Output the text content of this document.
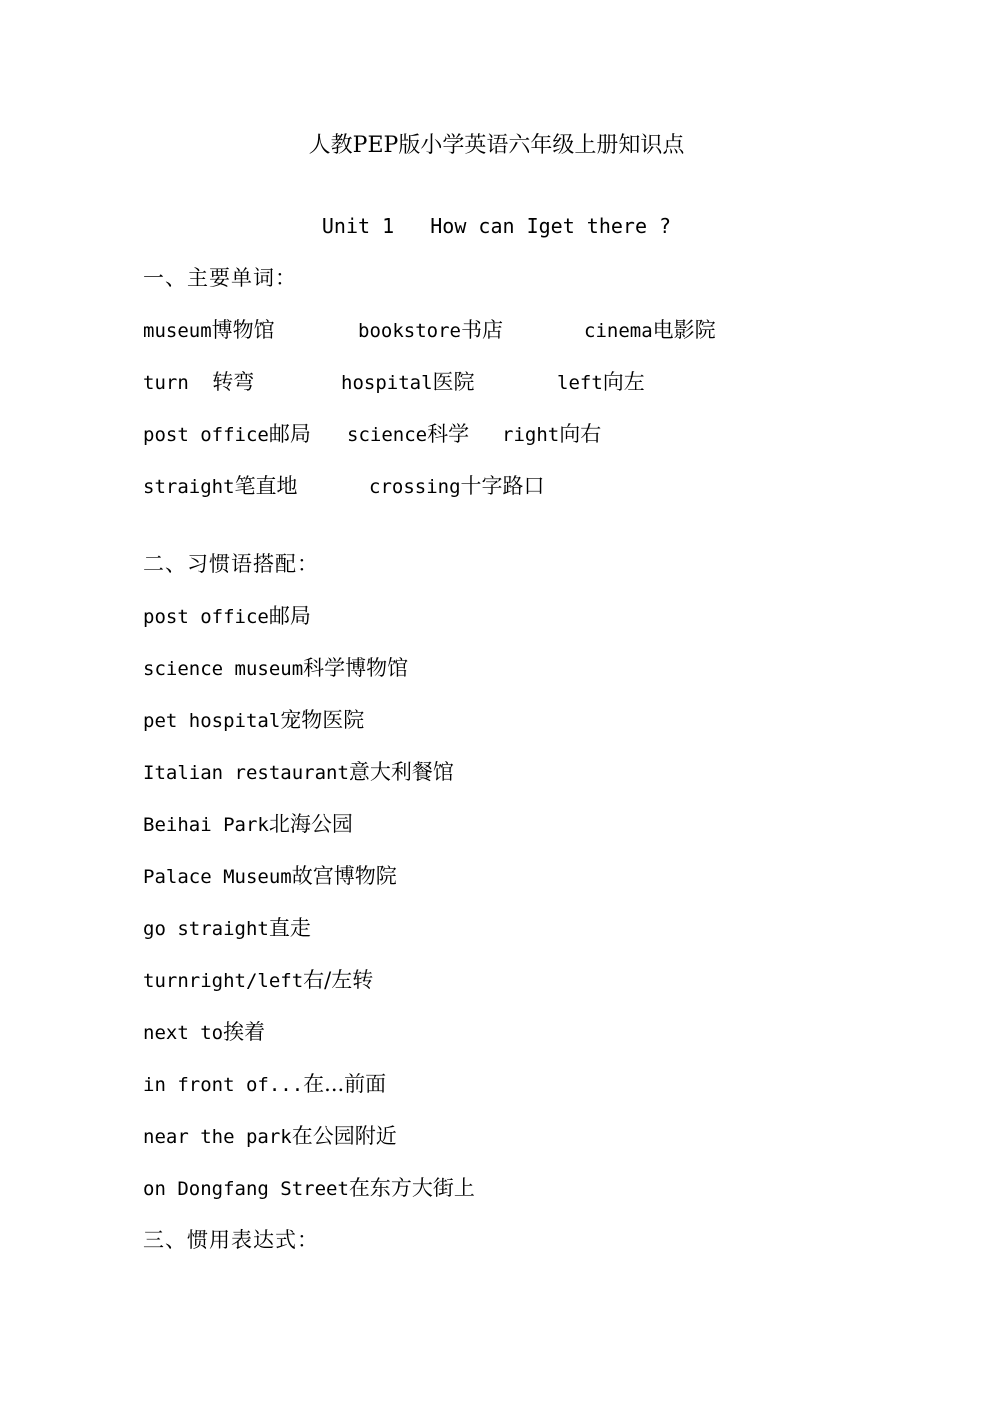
人教PEP版小学英语六年级上册知识点
Unit 1   How can Iget there ?
一、主要单词：
museum博物馆	bookstore书店	cinema电影院
turn 转弯	hospital医院	left向左
post office邮局 science科学 right向右
straight笔直地	crossing十字路口
二、习惯语搭配：
post office邮局
science museum科学博物馆
pet hospital宠物医院
Italian restaurant意大利餐馆
Beihai Park北海公园
Palace Museum故宫博物院
go straight直走
turnright/left右/左转
next to挨着
in front of...在...前面
near the park在公园附近
on Dongfang Street在东方大街上
三、惯用表达式：
